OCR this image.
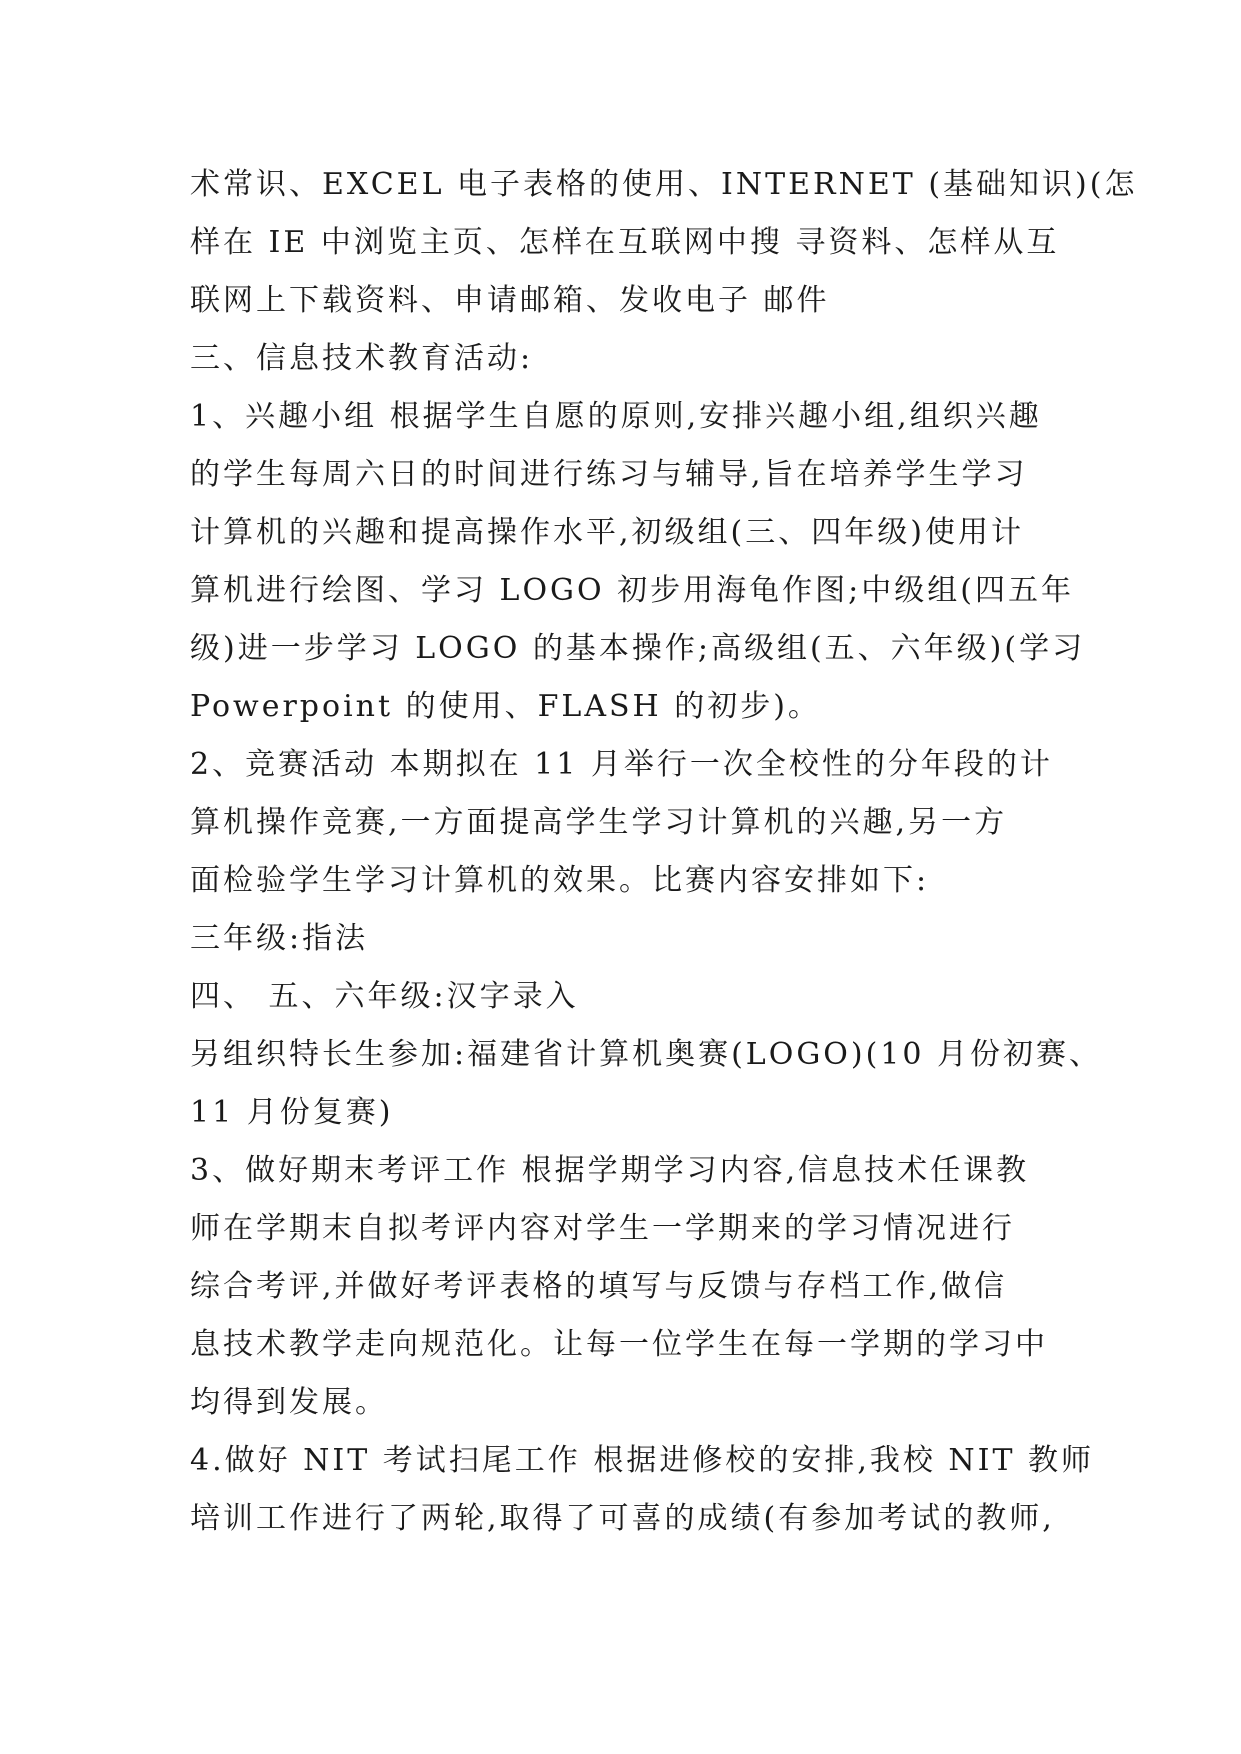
术常识、EXCEL 电子表格的使用、INTERNET (基础知识)(怎
样在 IE 中浏览主页、怎样在互联网中搜 寻资料、怎样从互
联网上下载资料、申请邮箱、发收电子 邮件
三、信息技术教育活动:
1、兴趣小组 根据学生自愿的原则,安排兴趣小组,组织兴趣
的学生每周六日的时间进行练习与辅导,旨在培养学生学习
计算机的兴趣和提高操作水平,初级组(三、四年级)使用计
算机进行绘图、学习 LOGO 初步用海龟作图;中级组(四五年
级)进一步学习 LOGO 的基本操作;高级组(五、六年级)(学习
Powerpoint 的使用、FLASH 的初步)。
2、竞赛活动 本期拟在 11 月举行一次全校性的分年段的计
算机操作竞赛,一方面提高学生学习计算机的兴趣,另一方
面检验学生学习计算机的效果。比赛内容安排如下:
三年级:指法
四、 五、六年级:汉字录入
另组织特长生参加:福建省计算机奥赛(LOGO)(10 月份初赛、
11 月份复赛)
3、做好期末考评工作 根据学期学习内容,信息技术任课教
师在学期末自拟考评内容对学生一学期来的学习情况进行
综合考评,并做好考评表格的填写与反馈与存档工作,做信
息技术教学走向规范化。让每一位学生在每一学期的学习中
均得到发展。
4.做好 NIT 考试扫尾工作 根据进修校的安排,我校 NIT 教师
培训工作进行了两轮,取得了可喜的成绩(有参加考试的教师,
